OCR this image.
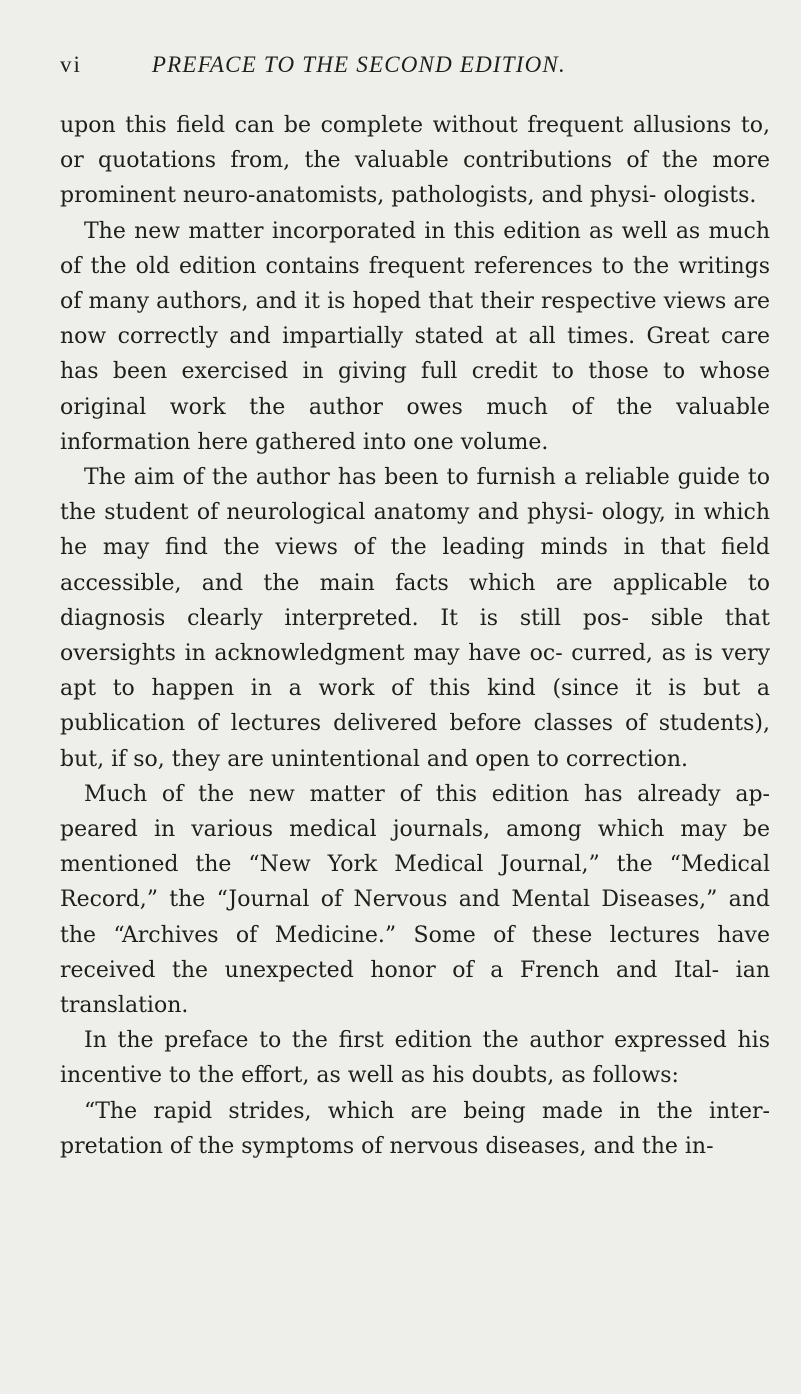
vi	PREFACE TO THE SECOND EDITION.

upon this field can be complete without frequent allusions to, or quotations from, the valuable contributions of the more prominent neuro-anatomists, pathologists, and physi- ologists.

The new matter incorporated in this edition as well as much of the old edition contains frequent references to the writings of many authors, and it is hoped that their respective views are now correctly and impartially stated at all times. Great care has been exercised in giving full credit to those to whose original work the author owes much of the valuable information here gathered into one volume.

The aim of the author has been to furnish a reliable guide to the student of neurological anatomy and physi- ology, in which he may find the views of the leading minds in that field accessible, and the main facts which are applicable to diagnosis clearly interpreted. It is still pos- sible that oversights in acknowledgment may have oc- curred, as is very apt to happen in a work of this kind (since it is but a publication of lectures delivered before classes of students), but, if so, they are unintentional and open to correction.

Much of the new matter of this edition has already ap- peared in various medical journals, among which may be mentioned the “New York Medical Journal,” the “Medical Record,” the “Journal of Nervous and Mental Diseases,” and the “Archives of Medicine.” Some of these lectures have received the unexpected honor of a French and Ital- ian translation.

In the preface to the first edition the author expressed his incentive to the effort, as well as his doubts, as follows:

“The rapid strides, which are being made in the inter- pretation of the symptoms of nervous diseases, and the in-
